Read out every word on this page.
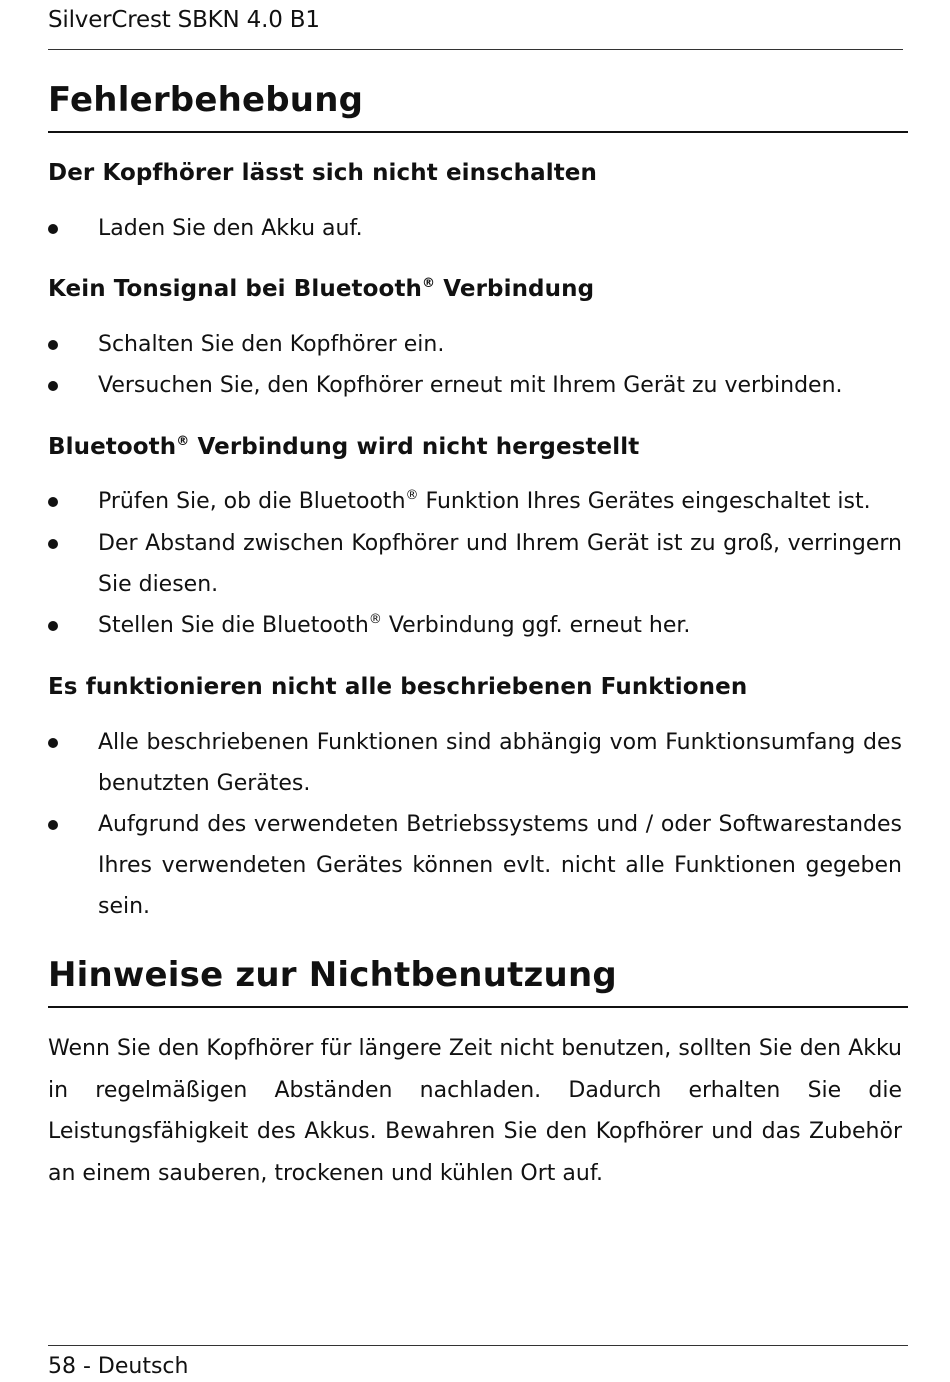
SilverCrest SBKN 4.0 B1
Fehlerbehebung
Der Kopfhörer lässt sich nicht einschalten
Laden Sie den Akku auf.
Kein Tonsignal bei Bluetooth® Verbindung
Schalten Sie den Kopfhörer ein.
Versuchen Sie, den Kopfhörer erneut mit Ihrem Gerät zu verbinden.
Bluetooth® Verbindung wird nicht hergestellt
Prüfen Sie, ob die Bluetooth® Funktion Ihres Gerätes eingeschaltet ist.
Der Abstand zwischen Kopfhörer und Ihrem Gerät ist zu groß, verringern Sie diesen.
Stellen Sie die Bluetooth® Verbindung ggf. erneut her.
Es funktionieren nicht alle beschriebenen Funktionen
Alle beschriebenen Funktionen sind abhängig vom Funktionsumfang des benutzten Gerätes.
Aufgrund des verwendeten Betriebssystems und / oder Softwarestandes Ihres verwendeten Gerätes können evlt. nicht alle Funktionen gegeben sein.
Hinweise zur Nichtbenutzung
Wenn Sie den Kopfhörer für längere Zeit nicht benutzen, sollten Sie den Akku in regelmäßigen Abständen nachladen. Dadurch erhalten Sie die Leistungsfähigkeit des Akkus. Bewahren Sie den Kopfhörer und das Zubehör an einem sauberen, trockenen und kühlen Ort auf.
58 - Deutsch
